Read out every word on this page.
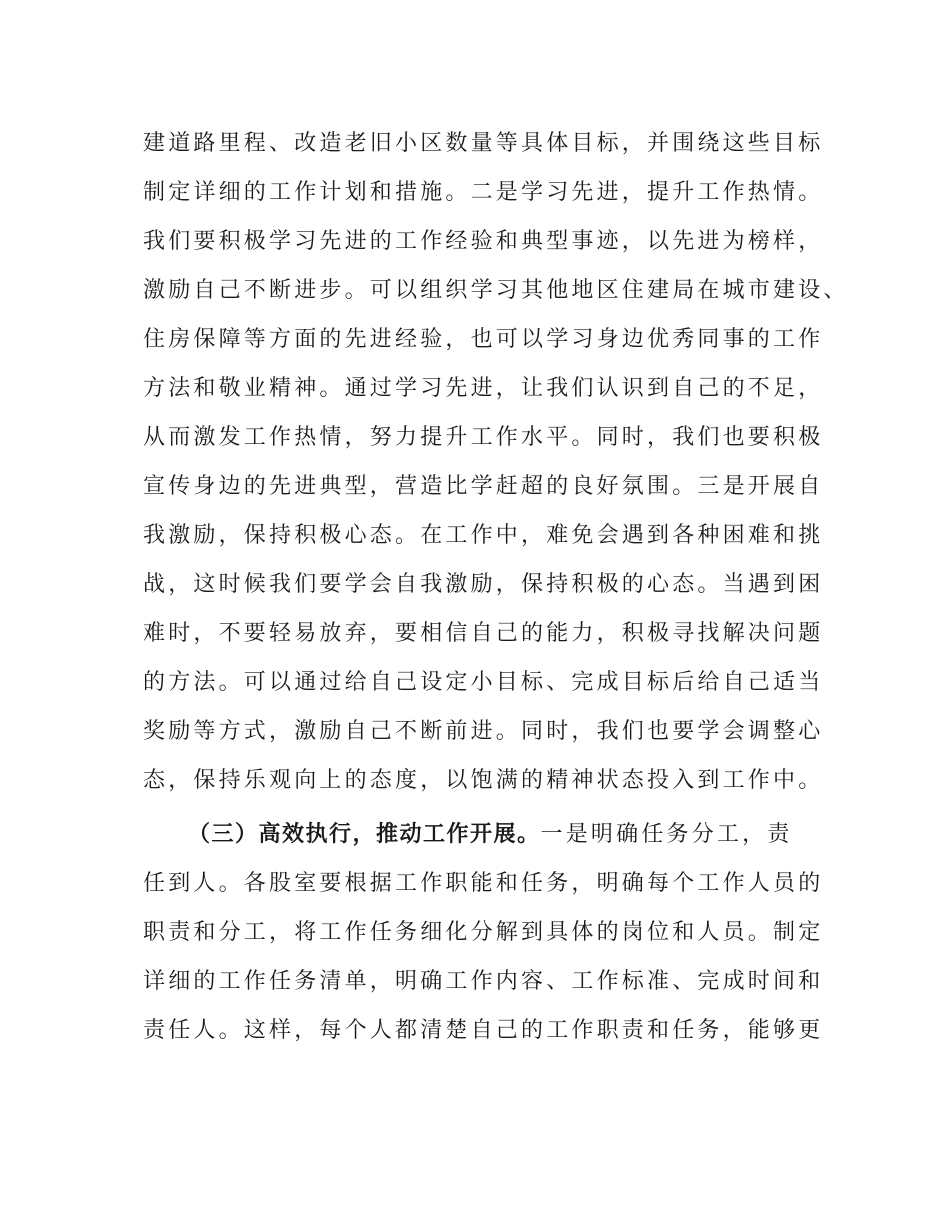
建道路里程、改造老旧小区数量等具体目标，并围绕这些目标
制定详细的工作计划和措施。二是学习先进，提升工作热情。
我们要积极学习先进的工作经验和典型事迹，以先进为榜样，
激励自己不断进步。可以组织学习其他地区住建局在城市建设、
住房保障等方面的先进经验，也可以学习身边优秀同事的工作
方法和敬业精神。通过学习先进，让我们认识到自己的不足，
从而激发工作热情，努力提升工作水平。同时，我们也要积极
宣传身边的先进典型，营造比学赶超的良好氛围。三是开展自
我激励，保持积极心态。在工作中，难免会遇到各种困难和挑
战，这时候我们要学会自我激励，保持积极的心态。当遇到困
难时，不要轻易放弃，要相信自己的能力，积极寻找解决问题
的方法。可以通过给自己设定小目标、完成目标后给自己适当
奖励等方式，激励自己不断前进。同时，我们也要学会调整心
态，保持乐观向上的态度，以饱满的精神状态投入到工作中。
（三）高效执行，推动工作开展。一是明确任务分工，责
任到人。各股室要根据工作职能和任务，明确每个工作人员的
职责和分工，将工作任务细化分解到具体的岗位和人员。制定
详细的工作任务清单，明确工作内容、工作标准、完成时间和
责任人。这样，每个人都清楚自己的工作职责和任务，能够更
